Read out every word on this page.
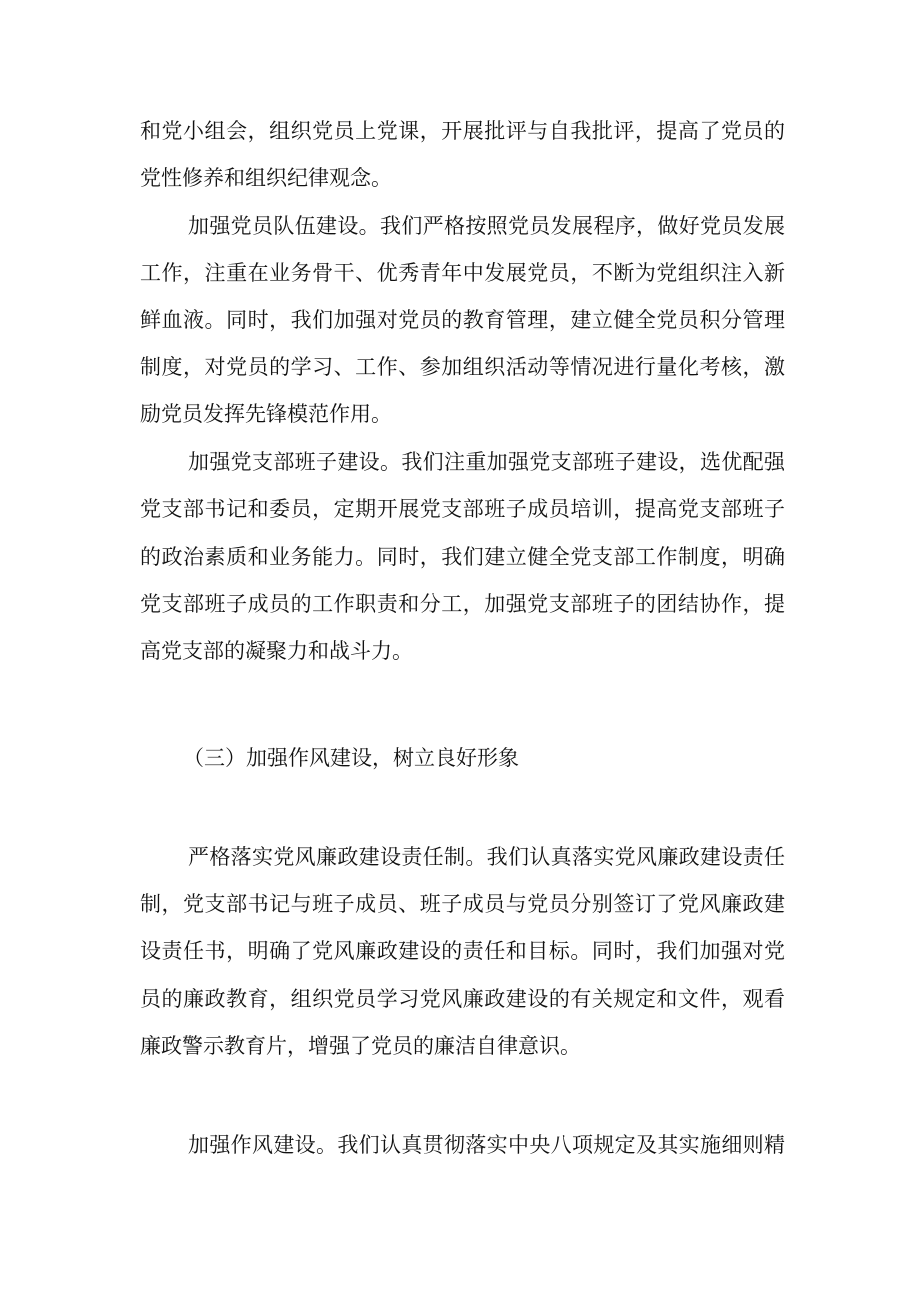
和党小组会，组织党员上党课，开展批评与自我批评，提高了党员的
党性修养和组织纪律观念。
加强党员队伍建设。我们严格按照党员发展程序，做好党员发展
工作，注重在业务骨干、优秀青年中发展党员，不断为党组织注入新
鲜血液。同时，我们加强对党员的教育管理，建立健全党员积分管理
制度，对党员的学习、工作、参加组织活动等情况进行量化考核，激
励党员发挥先锋模范作用。
加强党支部班子建设。我们注重加强党支部班子建设，选优配强
党支部书记和委员，定期开展党支部班子成员培训，提高党支部班子
的政治素质和业务能力。同时，我们建立健全党支部工作制度，明确
党支部班子成员的工作职责和分工，加强党支部班子的团结协作，提
高党支部的凝聚力和战斗力。
（三）加强作风建设，树立良好形象
严格落实党风廉政建设责任制。我们认真落实党风廉政建设责任
制，党支部书记与班子成员、班子成员与党员分别签订了党风廉政建
设责任书，明确了党风廉政建设的责任和目标。同时，我们加强对党
员的廉政教育，组织党员学习党风廉政建设的有关规定和文件，观看
廉政警示教育片，增强了党员的廉洁自律意识。
加强作风建设。我们认真贯彻落实中央八项规定及其实施细则精
